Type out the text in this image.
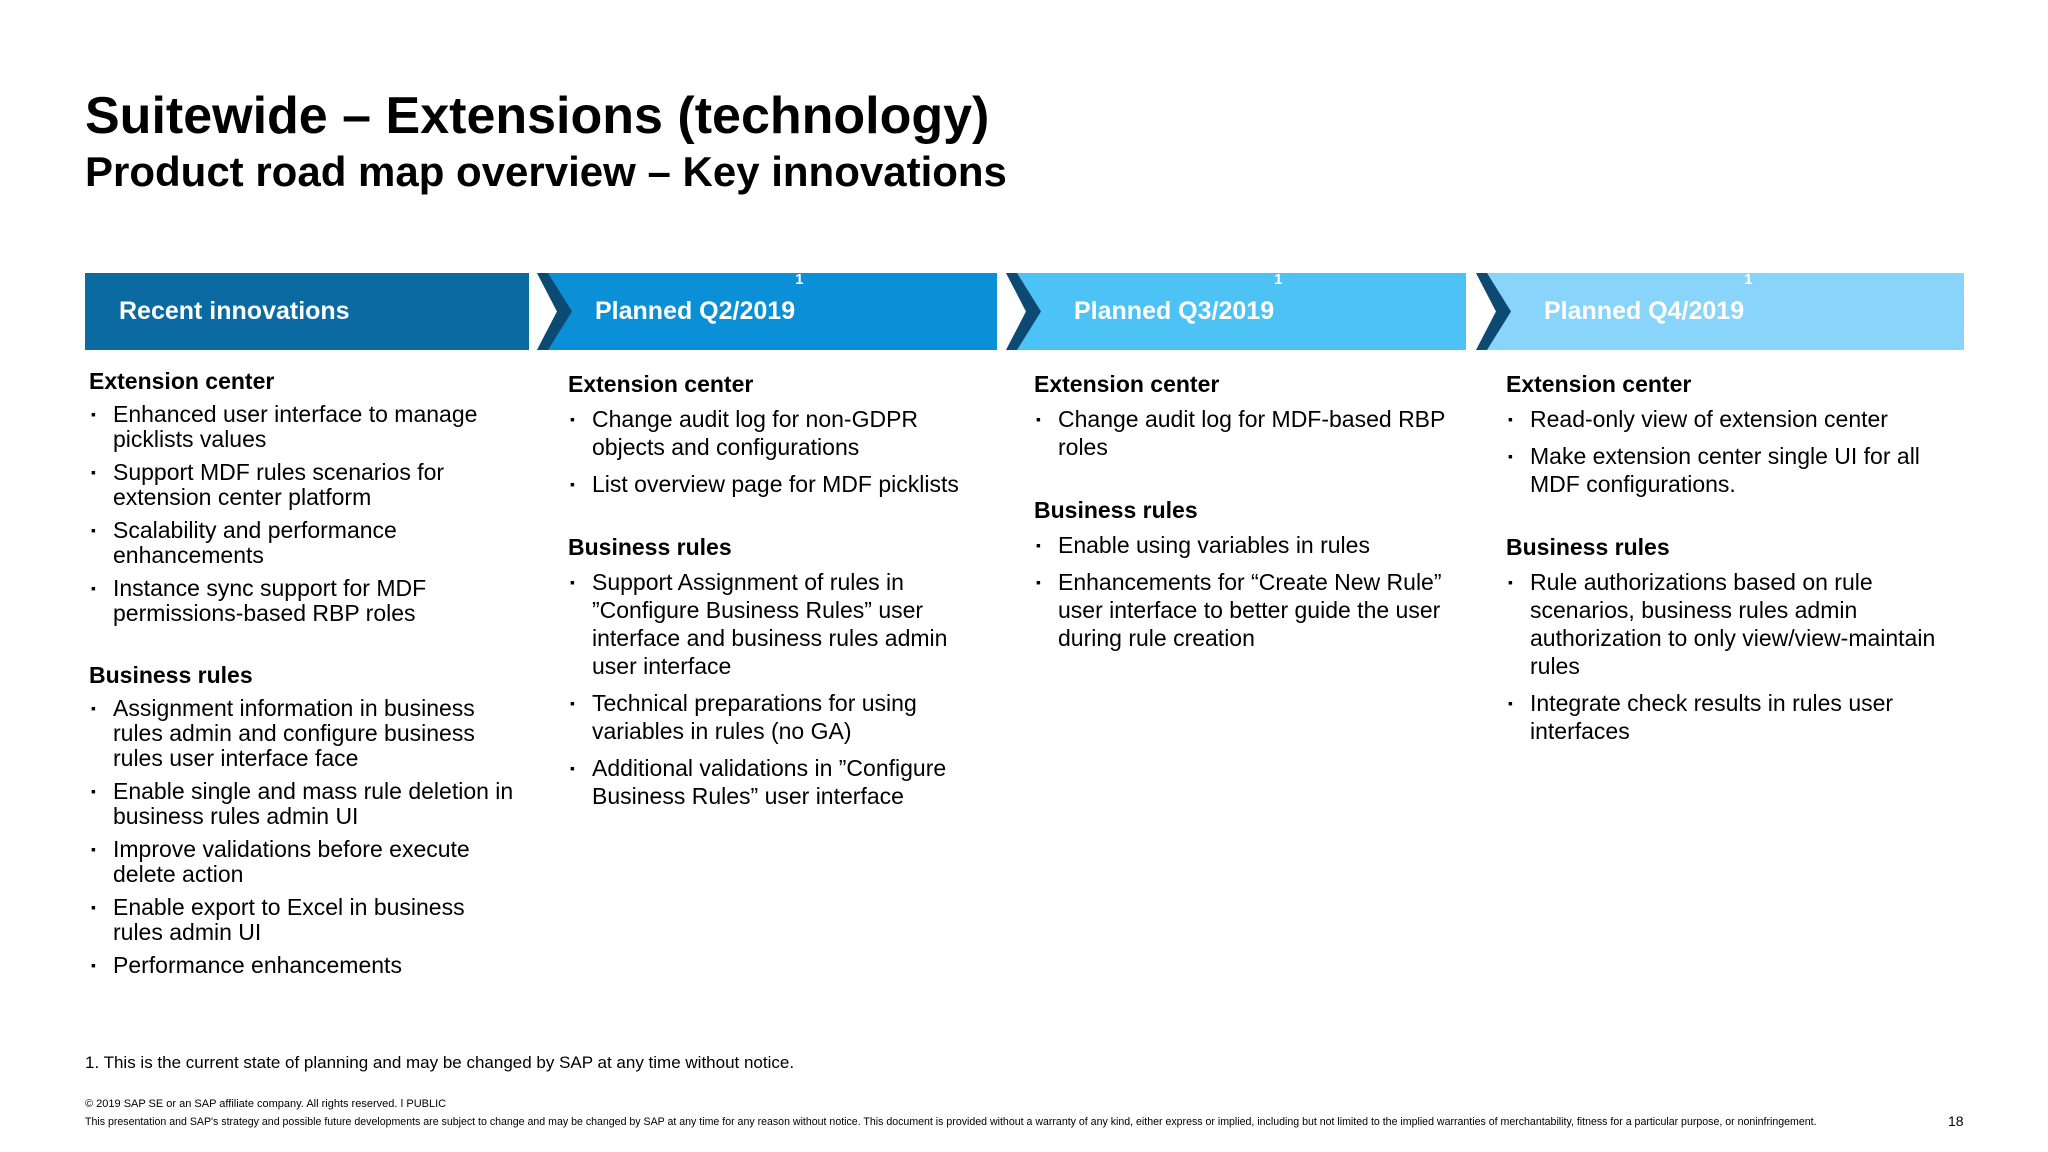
Suitewide – Extensions (technology)
Product road map overview – Key innovations
Recent innovations	Planned Q2/2019$^1$
Planned Q3/2019$^1$
Planned Q4/2019$^1$
Extension center
▪ Enhanced user interface to manage picklists values
▪ Support MDF rules scenarios for extension center platform
▪ Scalability and performance enhancements
▪ Instance sync support for MDF permissions-based RBP roles
Business rules
▪ Assignment information in business rules admin and configure business rules user interface face
▪ Enable single and mass rule deletion in business rules admin UI
▪ Improve validations before execute delete action
▪ Enable export to Excel in business rules admin UI
▪ Performance enhancements
Extension center
▪ Change audit log for non-GDPR objects and configurations
▪ List overview page for MDF picklists
Business rules
▪ Support Assignment of rules in ”Configure Business Rules” user interface and business rules admin user interface
▪ Technical preparations for using variables in rules (no GA)
▪ Additional validations in ”Configure Business Rules” user interface
Extension center
▪ Change audit log for MDF-based RBP roles
Business rules
▪ Enable using variables in rules
▪ Enhancements for “Create New Rule” user interface to better guide the user during rule creation
Extension center
▪ Read-only view of extension center
▪ Make extension center single UI for all MDF configurations.
Business rules
▪ Rule authorizations based on rule scenarios, business rules admin authorization to only view/view-maintain rules
▪ Integrate check results in rules user interfaces
1. This is the current state of planning and may be changed by SAP at any time without notice.
© 2019 SAP SE or an SAP affiliate company. All rights reserved. ǀ PUBLIC
This presentation and SAP's strategy and possible future developments are subject to change and may be changed by SAP at any time for any reason without notice. This document is provided without a warranty of any kind, either express or implied, including but not limited to the implied warranties of merchantability, fitness for a particular purpose, or noninfringement.	18
